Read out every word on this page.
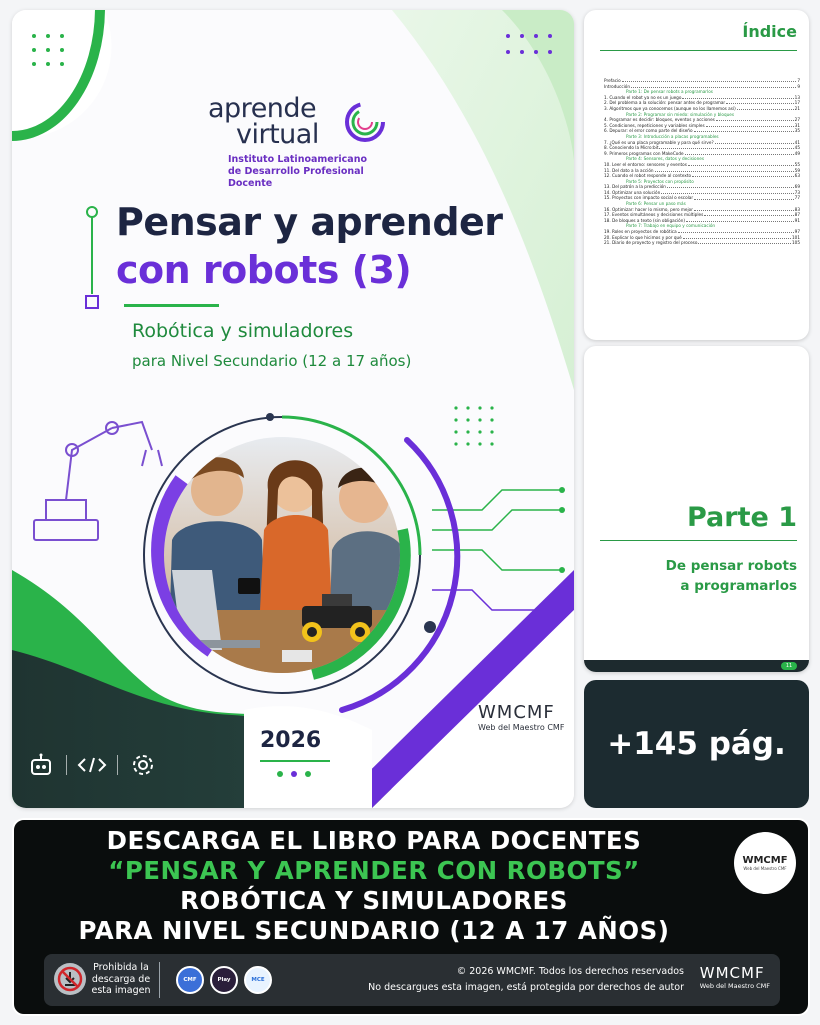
aprende
virtual
Instituto Latinoamericano
de Desarrollo Profesional Docente
Pensar y aprender
con robots (3)
Robótica y simuladores
para Nivel Secundario (12 a 17 años)
WMCMF
Web del Maestro CMF
2026
Índice
Prefacio	7
Introducción	9
Parte 1: De pensar robots a programarlos
1. Cuando el robot ya no es un juego	13
2. Del problema a la solución: pensar antes de programar	17
3. Algoritmos que ya conocemos (aunque no los llamemos así)	21
Parte 2: Programar sin miedo: simulación y bloques
4. Programar es decidir: bloques, eventos y acciones	27
5. Condiciones, repeticiones y variables simples	31
6. Depurar: el error como parte del diseño	35
Parte 3: Introducción a placas programables
7. ¿Qué es una placa programable y para qué sirve?	41
8. Conociendo la Micro:bit	45
9. Primeros programas con MakeCode	49
Parte 4: Sensores, datos y decisiones
10. Leer el entorno: sensores y eventos	55
11. Del dato a la acción	59
12. Cuando el robot responde al contexto	63
Parte 5: Proyectos con propósito
13. Del patrón a la predicción	69
14. Optimizar una solución	73
15. Proyectos con impacto social o escolar	77
Parte 6: Pensar un paso más
16. Optimizar: hacer lo mismo, pero mejor	83
17. Eventos simultáneos y decisiones múltiples	87
18. De bloques a texto (sin obligación)	91
Parte 7: Trabajo en equipo y comunicación
19. Roles en proyectos de robótica	97
20. Explicar lo que hicimos y por qué	101
21. Diario de proyecto y registro del proceso	105
Parte 1
De pensar robots
a programarlos
11
+145 pág.
DESCARGA EL LIBRO PARA DOCENTES
“PENSAR Y APRENDER CON ROBOTS”
ROBÓTICA Y SIMULADORES
PARA NIVEL SECUNDARIO (12 A 17 AÑOS)
WMCMF
Web del Maestro CMF
Prohibida la
descarga de
esta imagen
CMF	Play	MCE
© 2026 WMCMF. Todos los derechos reservados
No descargues esta imagen, está protegida por derechos de autor
WMCMF
Web del Maestro CMF
